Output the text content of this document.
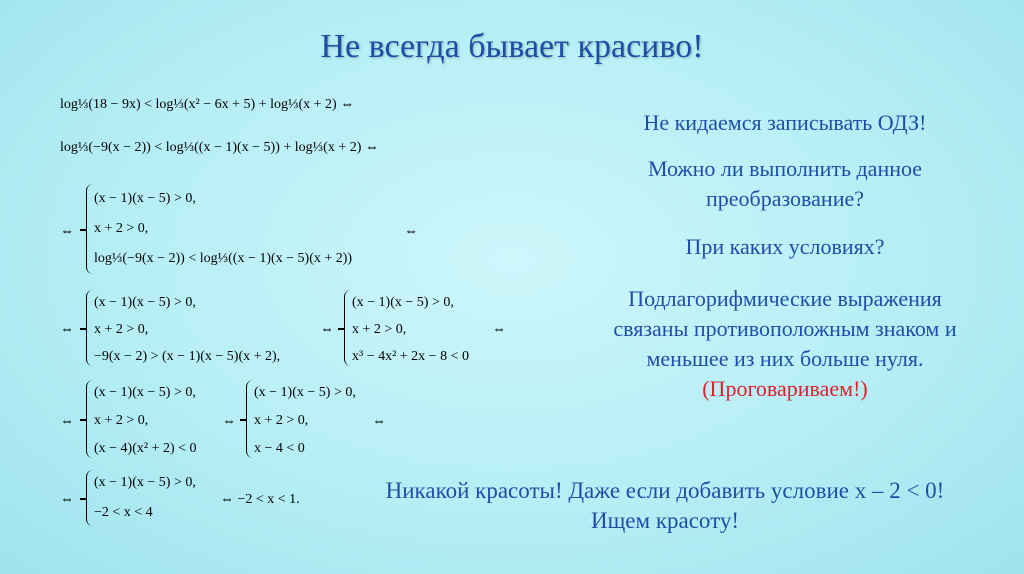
Не всегда бывает красиво!
log⅓(18 − 9x) < log⅓(x² − 6x + 5) + log⅓(x + 2) ⇔
log⅓(−9(x − 2)) < log⅓((x − 1)(x − 5)) + log⅓(x + 2) ⇔
⇔
(x − 1)(x − 5) > 0,
x + 2 > 0,
log⅓(−9(x − 2)) < log⅓((x − 1)(x − 5)(x + 2))
⇔
⇔
(x − 1)(x − 5) > 0,
x + 2 > 0,
−9(x − 2) > (x − 1)(x − 5)(x + 2),
⇔
(x − 1)(x − 5) > 0,
x + 2 > 0,
x³ − 4x² + 2x − 8 < 0
⇔
⇔
(x − 1)(x − 5) > 0,
x + 2 > 0,
(x − 4)(x² + 2) < 0
⇔
(x − 1)(x − 5) > 0,
x + 2 > 0,
x − 4 < 0
⇔
⇔
(x − 1)(x − 5) > 0,
−2 < x < 4
⇔ −2 < x < 1.
Не кидаемся записывать ОДЗ!
Можно ли выполнить данное преобразование?
При каких условиях?
Подлагорифмические выражения связаны противоположным знаком и меньшее из них больше нуля. (Проговариваем!)
Никакой красоты! Даже если добавить условие x – 2 < 0!
Ищем красоту!
